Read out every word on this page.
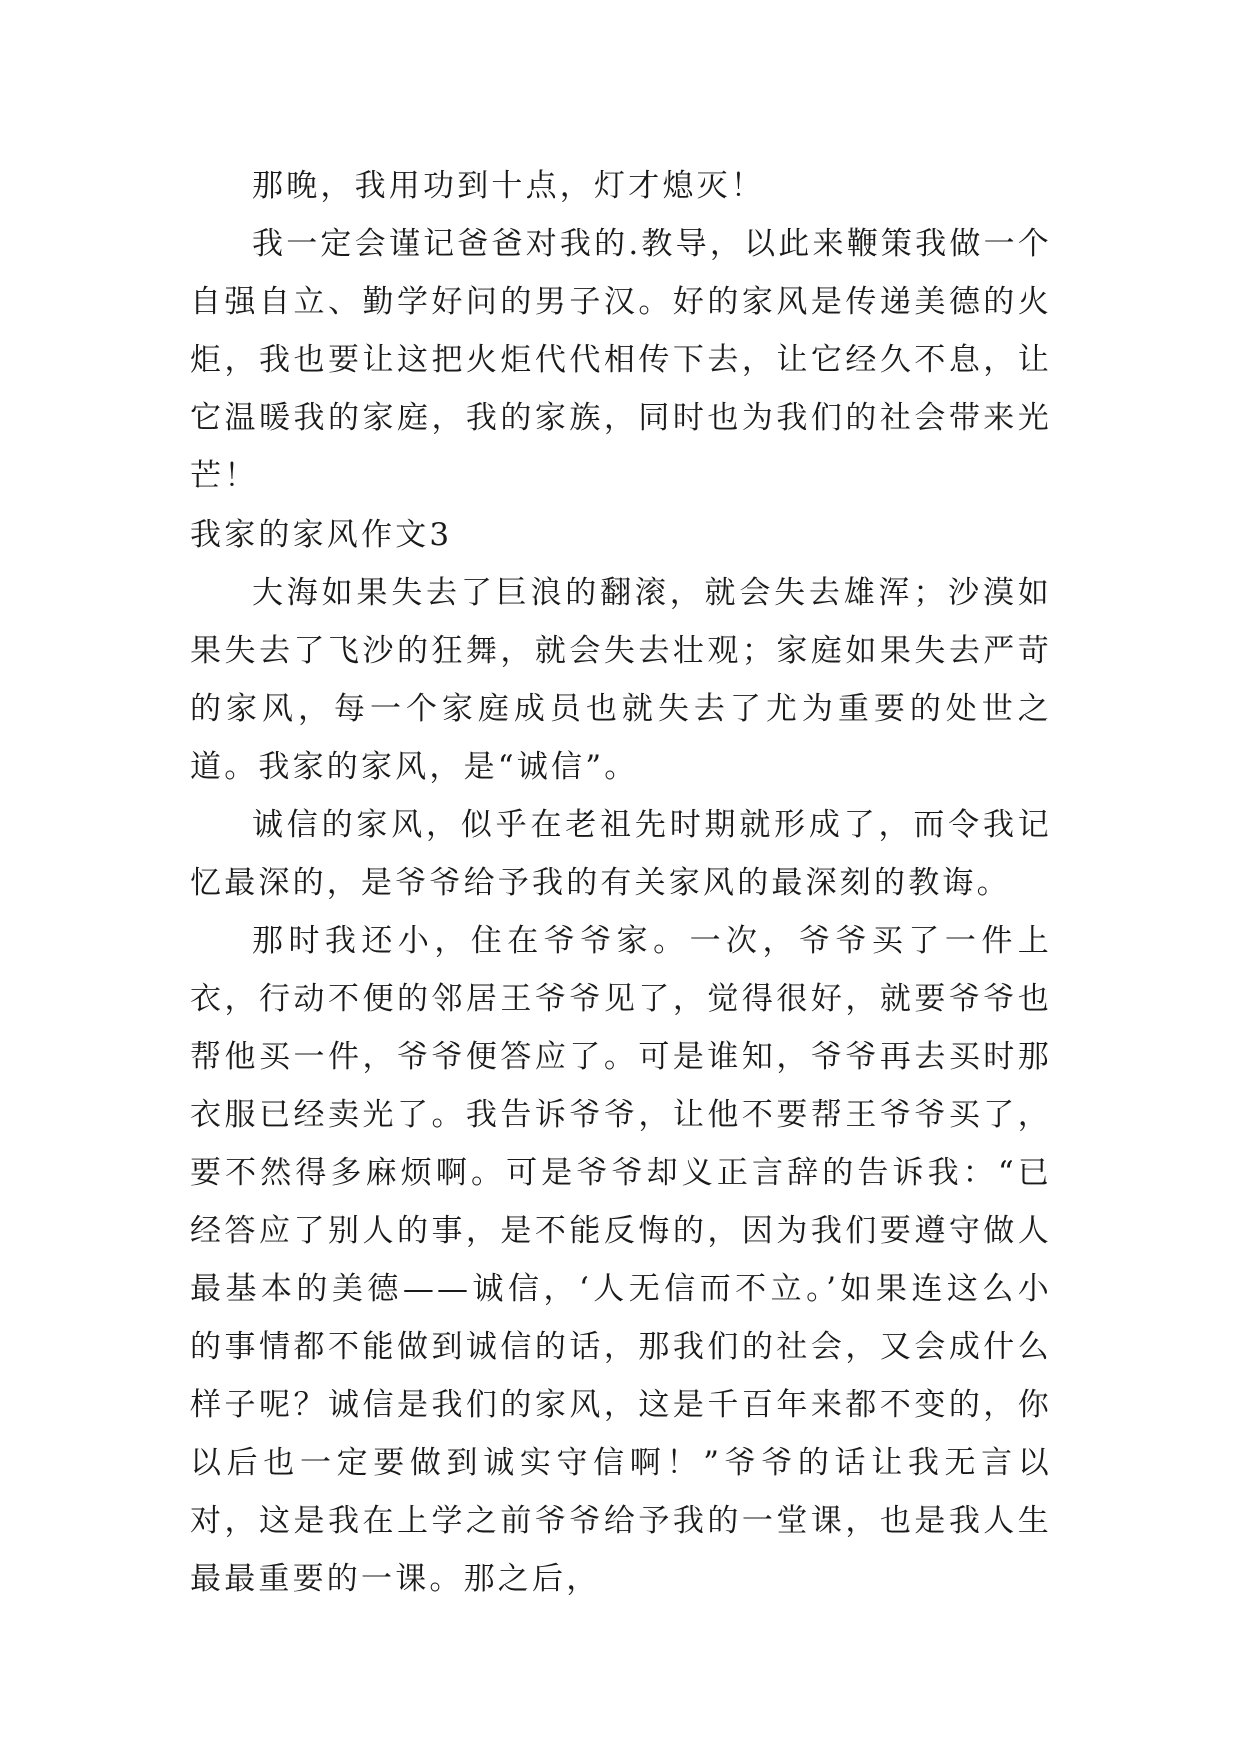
那晚，我用功到十点，灯才熄灭！

我一定会谨记爸爸对我的.教导，以此来鞭策我做一个自强自立、勤学好问的男子汉。好的家风是传递美德的火炬，我也要让这把火炬代代相传下去，让它经久不息，让它温暖我的家庭，我的家族，同时也为我们的社会带来光芒！

我家的家风作文3

大海如果失去了巨浪的翻滚，就会失去雄浑；沙漠如果失去了飞沙的狂舞，就会失去壮观；家庭如果失去严苛的家风，每一个家庭成员也就失去了尤为重要的处世之道。我家的家风，是“诚信”。

诚信的家风，似乎在老祖先时期就形成了，而令我记忆最深的，是爷爷给予我的有关家风的最深刻的教诲。

那时我还小，住在爷爷家。一次，爷爷买了一件上衣，行动不便的邻居王爷爷见了，觉得很好，就要爷爷也帮他买一件，爷爷便答应了。可是谁知，爷爷再去买时那衣服已经卖光了。我告诉爷爷，让他不要帮王爷爷买了，要不然得多麻烦啊。可是爷爷却义正言辞的告诉我：“已经答应了别人的事，是不能反悔的，因为我们要遵守做人最基本的美德——诚信，‘人无信而不立。’如果连这么小的事情都不能做到诚信的话，那我们的社会，又会成什么样子呢？诚信是我们的家风，这是千百年来都不变的，你以后也一定要做到诚实守信啊！”爷爷的话让我无言以对，这是我在上学之前爷爷给予我的一堂课，也是我人生最最重要的一课。那之后，
